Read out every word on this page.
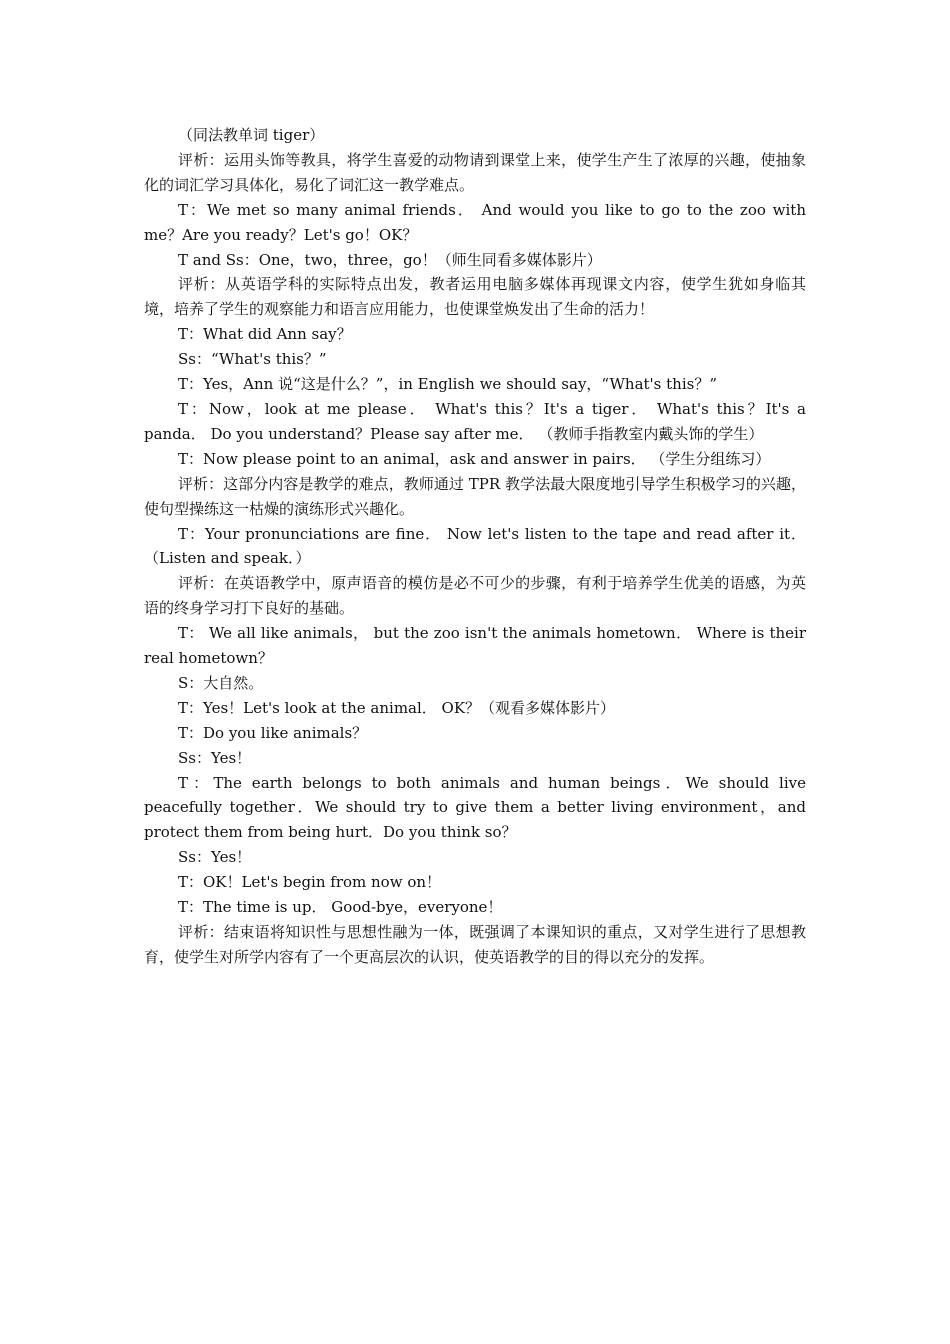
（同法教单词 tiger）

评析：运用头饰等教具，将学生喜爱的动物请到课堂上来，使学生产生了浓厚的兴趣，使抽象化的词汇学习具体化，易化了词汇这一教学难点。

T：We met so many animal friends． And would you like to go to the zoo with me？Are you ready？Let's go！OK？

T and Ss：One，two，three，go！（师生同看多媒体影片）

评析：从英语学科的实际特点出发，教者运用电脑多媒体再现课文内容，使学生犹如身临其境，培养了学生的观察能力和语言应用能力，也使课堂焕发出了生命的活力！

T：What did Ann say？

Ss：“What's this？”

T：Yes，Ann 说“这是什么？”，in English we should say，“What's this？”

T：Now，look at me please． What's this？It's a tiger． What's this？It's a panda． Do you understand？Please say after me． （教师手指教室内戴头饰的学生）

T：Now please point to an animal，ask and answer in pairs． （学生分组练习）

评析：这部分内容是教学的难点，教师通过 TPR 教学法最大限度地引导学生积极学习的兴趣，使句型操练这一枯燥的演练形式兴趣化。

T：Your pronunciations are fine． Now let's listen to the tape and read after it． （Listen and speak．）

评析：在英语教学中，原声语音的模仿是必不可少的步骤，有利于培养学生优美的语感，为英语的终身学习打下良好的基础。

T： We all like animals， but the zoo isn't the animals hometown． Where is their real hometown？

S：大自然。

T：Yes！Let's look at the animal． OK？（观看多媒体影片）

T：Do you like animals？

Ss：Yes！

T：The earth belongs to both animals and human beings．We should live peacefully together．We should try to give them a better living environment，and protect them from being hurt．Do you think so？

Ss：Yes！

T：OK！Let's begin from now on！

T：The time is up． Good-bye，everyone！

评析：结束语将知识性与思想性融为一体，既强调了本课知识的重点，又对学生进行了思想教育，使学生对所学内容有了一个更高层次的认识，使英语教学的目的得以充分的发挥。
